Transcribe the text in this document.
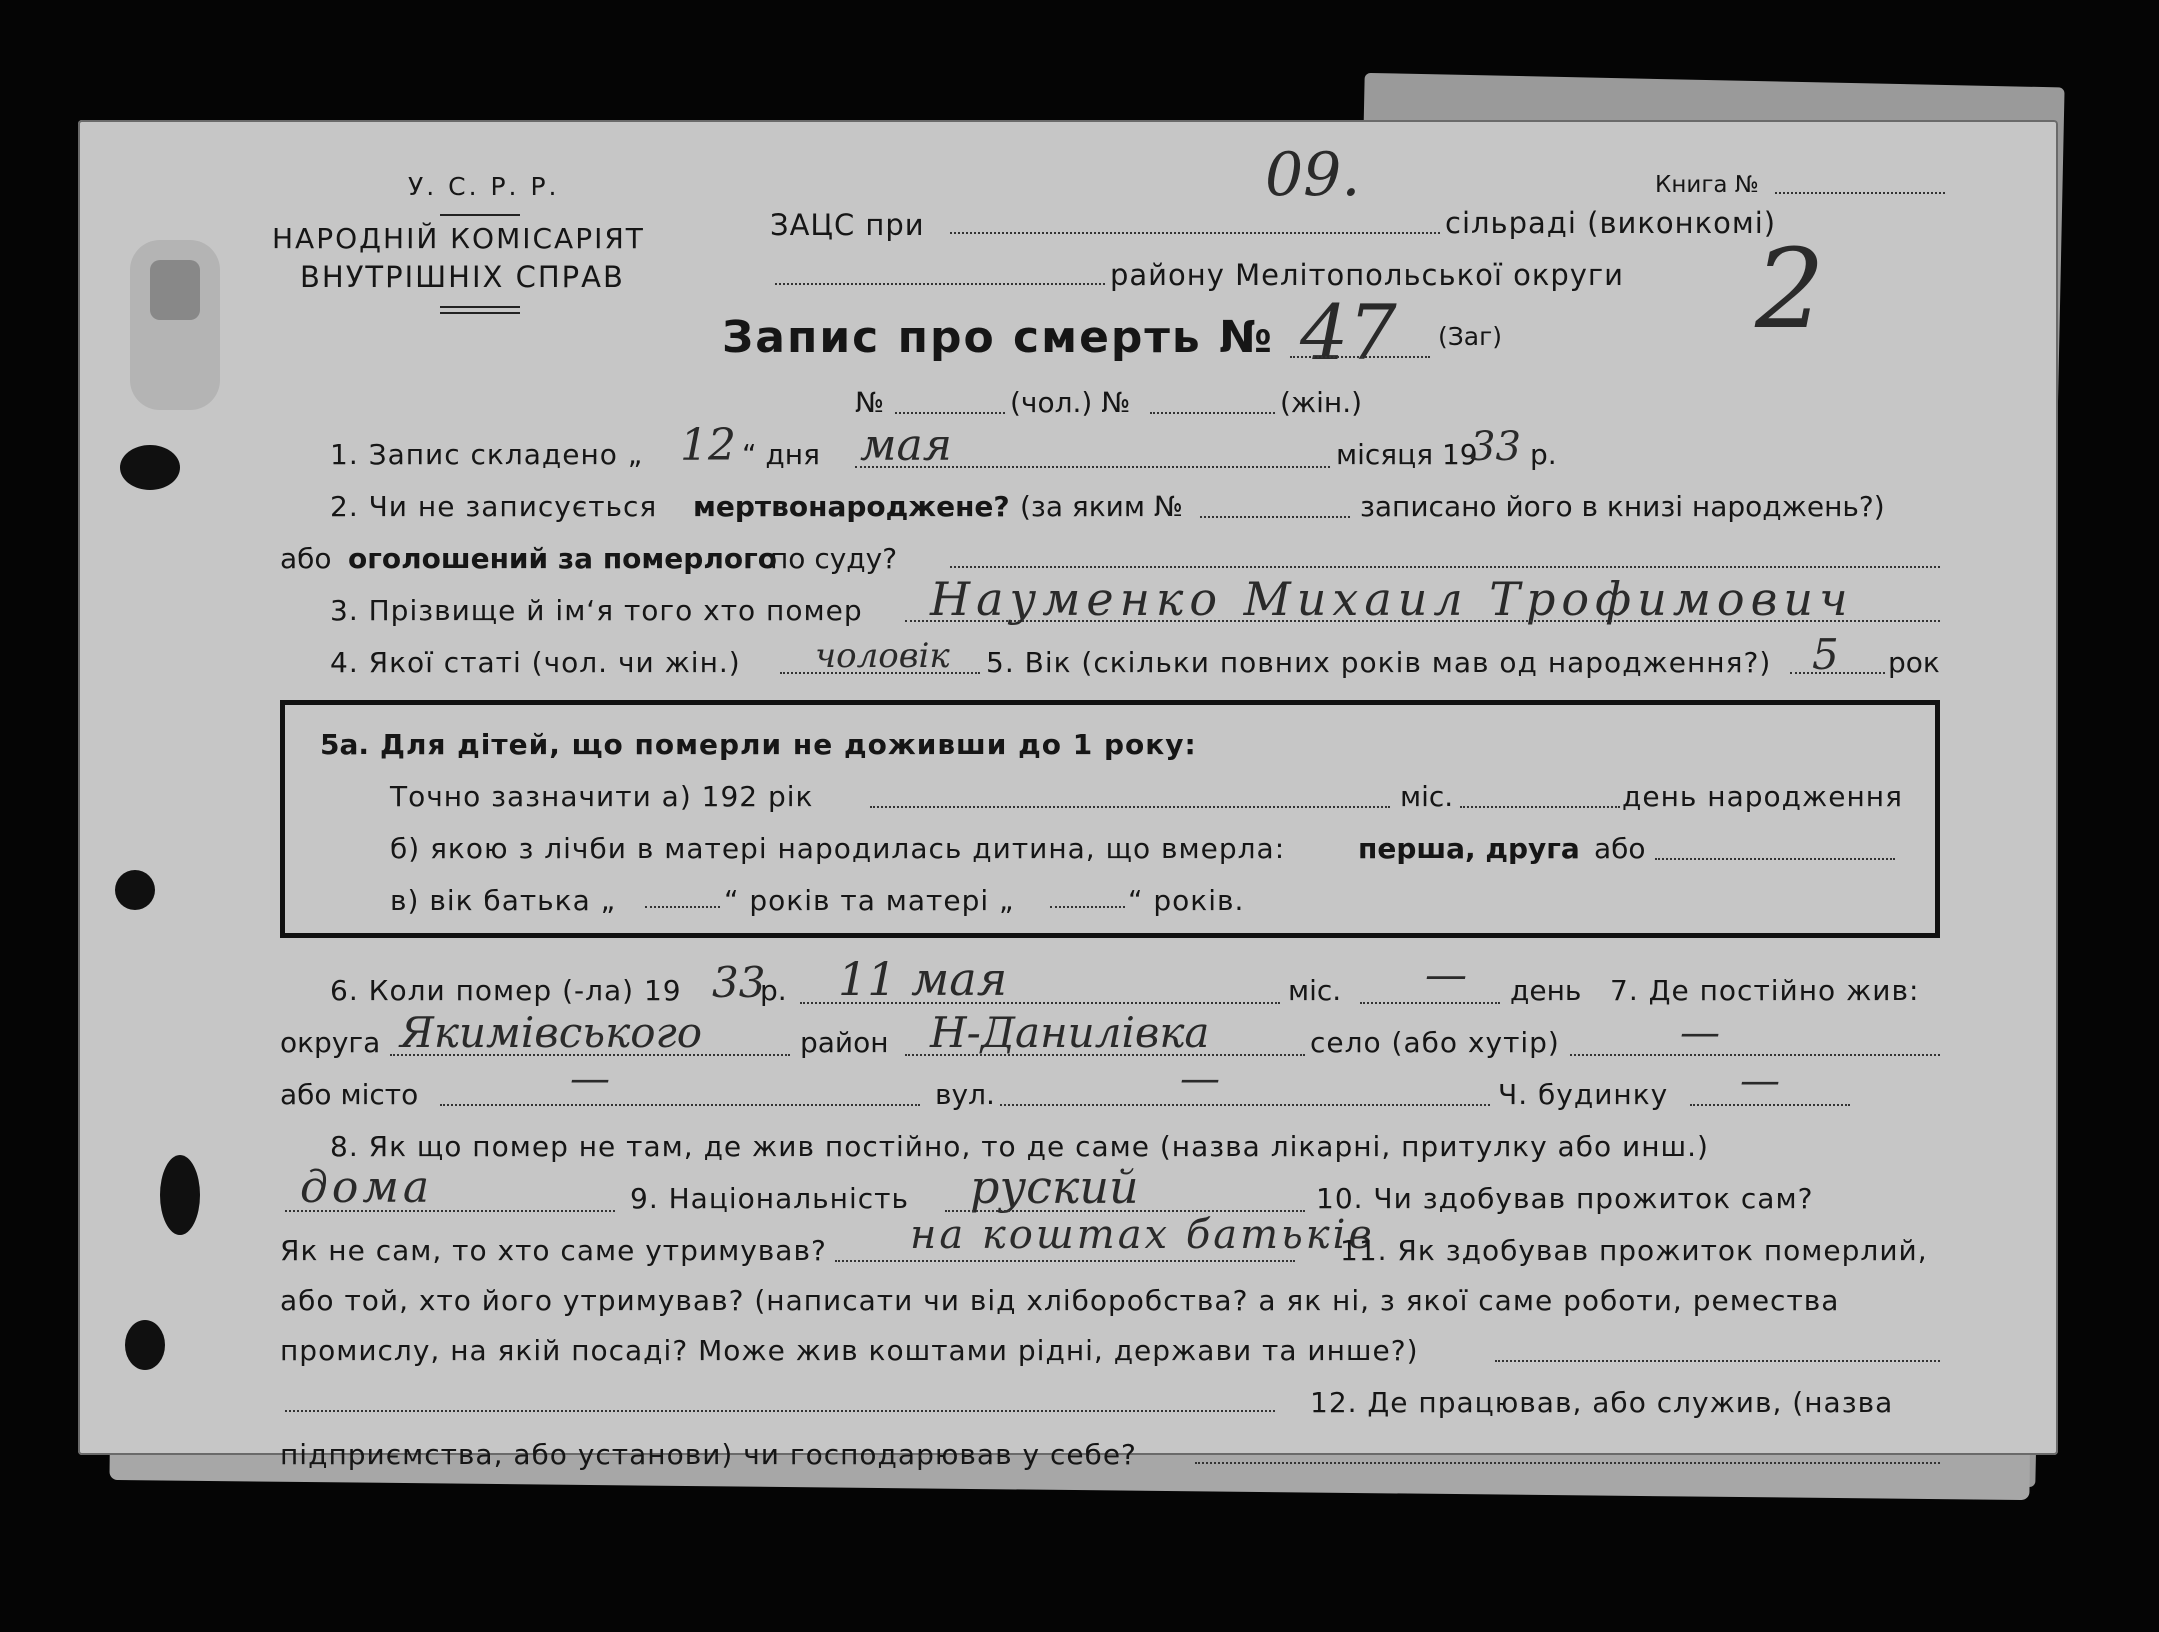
У. С. Р. Р.
НАРОДНІЙ КОМІСАРІЯТ
ВНУТРІШНІХ СПРАВ
Книга №
ЗАЦС при	сільраді (виконкомі)
району Мелітопольської округи
09.
2
Запис про смерть № 47 (Заг)
№	(чол.) №	(жін.)
1. Запис складено „ 12 “ дня мая	місяця 19
33 р.
2. Чи не записується мертвонароджене? (за яким №	записано його в книзі народжень?)
або оголошений за померлого
по суду?
3. Прізвище й ім‘я того хто помер Науменко Михаил Трофимович
4. Якої статі (чол. чи жін.) чоловік 5. Вік (скільки повних років мав од народження?) 5 рок
5а. Для дітей, що померли не доживши до 1 року:
Точно зазначити а) 192 рік	міс.	день народження
б) якою з лічби в матері народилась дитина, що вмерла:	перша, друга або
в) вік батька „	“ років та матері „	“ років.
6. Коли помер (-ла) 19 33
р. 11 мая	міс. — день 7. Де постійно жив:
округа Якимівського	район Н-Данилівка	село (або хутір)	—
або місто	—	вул.	—	Ч. будинку —
8. Як що помер не там, де жив постійно, то де саме (назва лікарні, притулку або инш.)
дома	9. Національність руский	10. Чи здобував прожиток сам?
Як не сам, то хто саме утримував? на коштах батьків
11. Як здобував прожиток померлий,
або той, хто його утримував? (написати чи від хліборобства? а як ні, з якої саме роботи, ремества
промислу, на якій посаді? Може жив коштами рідні, держави та инше?)
12. Де працював, або служив, (назва
підприємства, або установи) чи господарював у себе?
